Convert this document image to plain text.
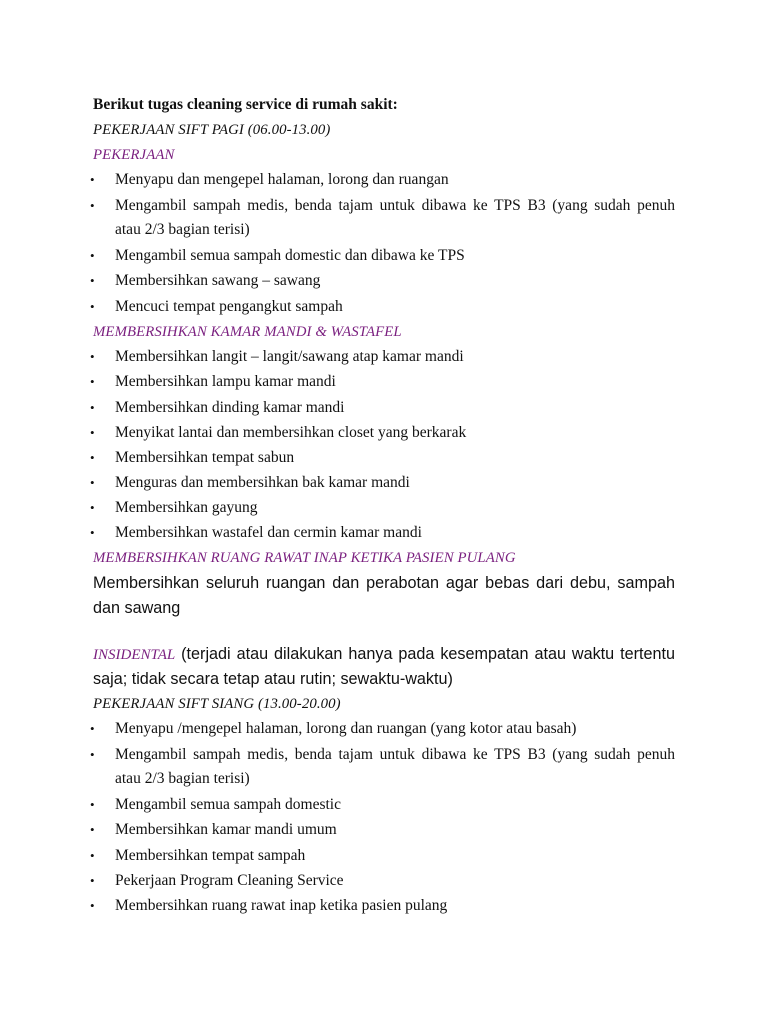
Berikut tugas cleaning service di rumah sakit:
PEKERJAAN SIFT PAGI (06.00-13.00)
PEKERJAAN
• Menyapu dan mengepel halaman, lorong dan ruangan
• Mengambil sampah medis, benda tajam untuk dibawa ke TPS B3 (yang sudah penuh
atau 2/3 bagian terisi)
• Mengambil semua sampah domestic dan dibawa ke TPS
• Membersihkan sawang – sawang
• Mencuci tempat pengangkut sampah
MEMBERSIHKAN KAMAR MANDI & WASTAFEL
• Membersihkan langit – langit/sawang atap kamar mandi
• Membersihkan lampu kamar mandi
• Membersihkan dinding kamar mandi
• Menyikat lantai dan membersihkan closet yang berkarak
• Membersihkan tempat sabun
• Menguras dan membersihkan bak kamar mandi
• Membersihkan gayung
• Membersihkan wastafel dan cermin kamar mandi
MEMBERSIHKAN RUANG RAWAT INAP KETIKA PASIEN PULANG
Membersihkan seluruh ruangan dan perabotan agar bebas dari debu, sampah
dan sawang
INSIDENTAL (terjadi atau dilakukan hanya pada kesempatan atau waktu tertentu
saja; tidak secara tetap atau rutin; sewaktu-waktu)
PEKERJAAN SIFT SIANG (13.00-20.00)
• Menyapu /mengepel halaman, lorong dan ruangan (yang kotor atau basah)
• Mengambil sampah medis, benda tajam untuk dibawa ke TPS B3 (yang sudah penuh
atau 2/3 bagian terisi)
• Mengambil semua sampah domestic
• Membersihkan kamar mandi umum
• Membersihkan tempat sampah
• Pekerjaan Program Cleaning Service
• Membersihkan ruang rawat inap ketika pasien pulang
